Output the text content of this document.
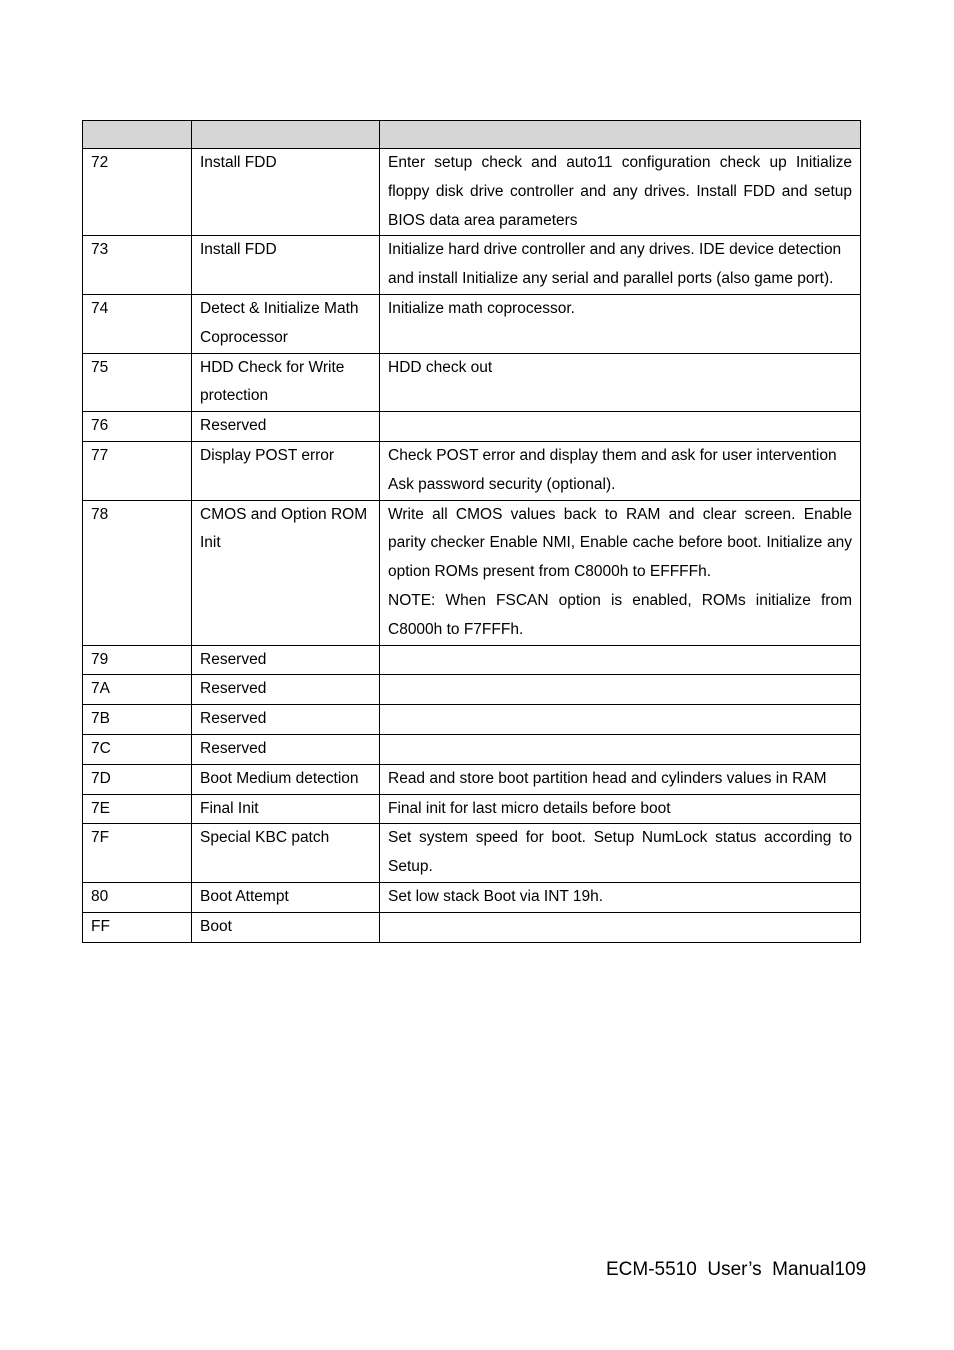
72	Install FDD	Enter setup check and auto11 configuration check up Initialize floppy disk drive controller and any drives. Install FDD and setup BIOS data area parameters

73	Install FDD	Initialize hard drive controller and any drives. IDE device detection and install Initialize any serial and parallel ports (also game port).

74	Detect & Initialize Math Coprocessor	Initialize math coprocessor.

75	HDD Check for Write protection	HDD check out

76	Reserved	

77	Display POST error	Check POST error and display them and ask for user intervention Ask password security (optional).

78	CMOS and Option ROM Init	Write all CMOS values back to RAM and clear screen. Enable parity checker Enable NMI, Enable cache before boot. Initialize any option ROMs present from C8000h to EFFFFh.

NOTE: When FSCAN option is enabled, ROMs initialize from C8000h to F7FFFh.

79	Reserved	

7A	Reserved	

7B	Reserved	

7C	Reserved	

7D	Boot Medium detection	Read and store boot partition head and cylinders values in RAM

7E	Final Init	Final init for last micro details before boot

7F	Special KBC patch	Set system speed for boot. Setup NumLock status according to Setup.

80	Boot Attempt	Set low stack Boot via INT 19h.

FF	Boot	

ECM-5510  User’s  Manual109
